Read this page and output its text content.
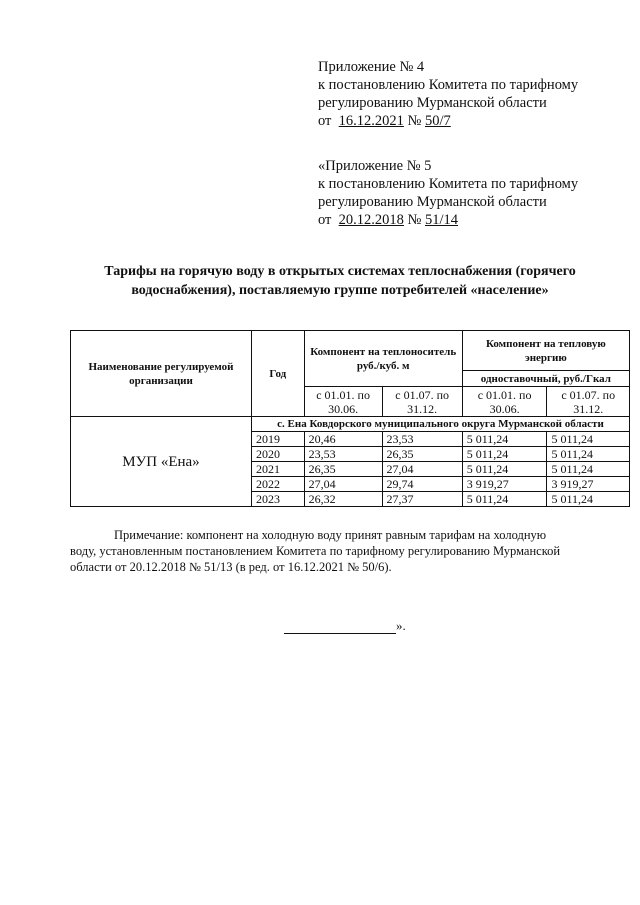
Приложение № 4
к постановлению Комитета по тарифному
регулированию Мурманской области
от 16.12.2021 № 50/7
«Приложение № 5
к постановлению Комитета по тарифному
регулированию Мурманской области
от 20.12.2018 № 51/14
Тарифы на горячую воду в открытых системах теплоснабжения (горячего
водоснабжения), поставляемую группе потребителей «население»
Наименование регулируемой организации	Год	Компонент на теплоноситель руб./куб. м		Компонент на тепловую энергию	
				одноставочный, руб./Гкал	
		с 01.01. по 30.06.	с 01.07. по 31.12.	с 01.01. по 30.06.	с 01.07. по 31.12.
МУП «Ена»	с. Ена Ковдорского муниципального округа Мурманской области				
	2019	20,46	23,53	5 011,24	5 011,24
	2020	23,53	26,35	5 011,24	5 011,24
	2021	26,35	27,04	5 011,24	5 011,24
	2022	27,04	29,74	3 919,27	3 919,27
	2023	26,32	27,37	5 011,24	5 011,24
Примечание: компонент на холодную воду принят равным тарифам на холодную
воду, установленным постановлением Комитета по тарифному регулированию Мурманской
области от 20.12.2018 № 51/13 (в ред. от 16.12.2021 № 50/6).
».
